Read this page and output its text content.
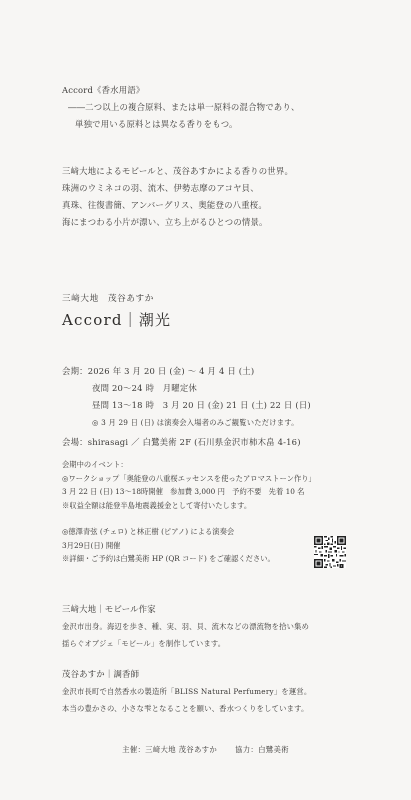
Accord《香水用語》
――二つ以上の複合原料、または単一原料の混合物であり、
単独で用いる原料とは異なる香りをもつ。
三﨑大地によるモビールと、茂谷あすかによる香りの世界。
珠洲のウミネコの羽、流木、伊勢志摩のアコヤ貝、
真珠、往復書簡、アンバーグリス、奥能登の八重桜。
海にまつわる小片が漂い、立ち上がるひとつの情景。
三﨑大地　茂谷あすか
Accord｜潮光
会期：2026 年 3 月 20 日 (金) 〜 4 月 4 日 (土)
夜間 20〜24 時　月曜定休
昼間 13〜18 時　3 月 20 日 (金) 21 日 (土) 22 日 (日)
◎ 3 月 29 日 (日) は演奏会入場者のみご観覧いただけます。
会場：shirasagi ／ 白鷺美術 2F (石川県金沢市柿木畠 4-16)
会期中のイベント：
◎ワークショップ「奥能登の八重桜エッセンスを使ったアロマストーン作り」
3 月 22 日 (日) 13〜18時開催　参加費 3,000 円　予約不要　先着 10 名
※収益全額は能登半島地震義援金として寄付いたします。
◎徳澤青弦 (チェロ) と林正樹 (ピアノ) による演奏会
3月29日(日) 開催
※詳細・ご予約は白鷺美術 HP (QR コード) をご確認ください。
三﨑大地｜モビール作家
金沢市出身。海辺を歩き、種、実、羽、貝、流木などの漂流物を拾い集め
揺らぐオブジェ「モビール」を制作しています。
茂谷あすか｜調香師
金沢市長町で自然香水の製造所「BLISS Natural Perfumery」を運営。
本当の豊かさの、小さな雫となることを願い、香水つくりをしています。
主催：三﨑大地 茂谷あすか 協力：白鷺美術
